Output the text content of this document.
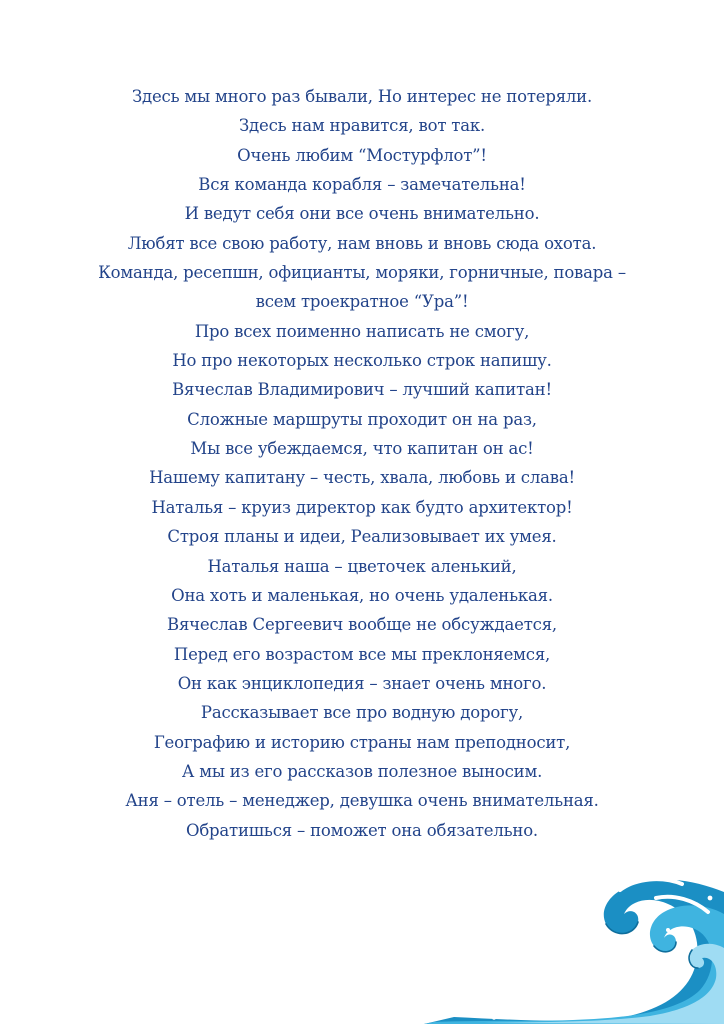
Здесь мы много раз бывали, Но интерес не потеряли.
Здесь нам нравится, вот так.
Очень любим “Мостурфлот”!
Вся команда корабля – замечательна!
И ведут себя они все очень внимательно.
Любят все свою работу, нам вновь и вновь сюда охота.
Команда, ресепшн, официанты, моряки, горничные, повара –
всем троекратное “Ура”!
Про всех поименно написать не смогу,
Но про некоторых несколько строк напишу.
Вячеслав Владимирович – лучший капитан!
Сложные маршруты проходит он на раз,
Мы все убеждаемся, что капитан он ас!
Нашему капитану – честь, хвала, любовь и слава!
Наталья – круиз директор как будто архитектор!
Строя планы и идеи, Реализовывает их умея.
Наталья наша – цветочек аленький,
Она хоть и маленькая, но очень удаленькая.
Вячеслав Сергеевич вообще не обсуждается,
Перед его возрастом все мы преклоняемся,
Он как энциклопедия – знает очень много.
Рассказывает все про водную дорогу,
Географию и историю страны нам преподносит,
А мы из его рассказов полезное выносим.
Аня – отель – менеджер, девушка очень внимательная.
Обратишься – поможет она обязательно.
